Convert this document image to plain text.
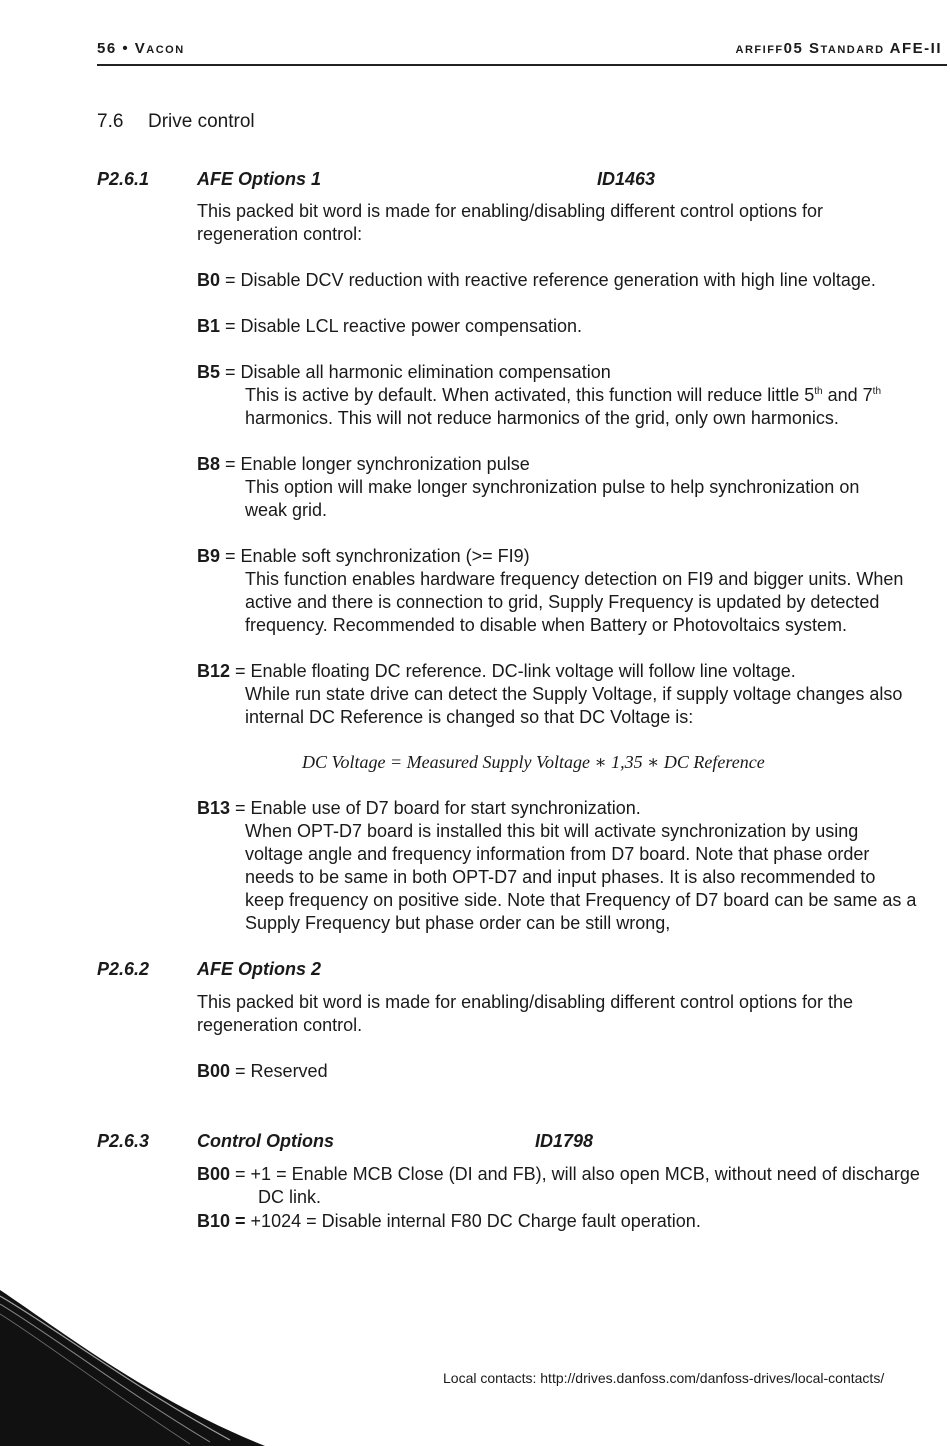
56 • Vacon	arfiff05 Standard AFE-II
7.6 Drive control
P2.6.1	AFE Options 1	ID1463
This packed bit word is made for enabling/disabling different control options for
regeneration control:
B0 = Disable DCV reduction with reactive reference generation with high line voltage.
B1 = Disable LCL reactive power compensation.
B5 = Disable all harmonic elimination compensation
This is active by default. When activated, this function will reduce little 5th and 7th
harmonics. This will not reduce harmonics of the grid, only own harmonics.
B8 = Enable longer synchronization pulse
This option will make longer synchronization pulse to help synchronization on
weak grid.
B9 = Enable soft synchronization (>= FI9)
This function enables hardware frequency detection on FI9 and bigger units. When
active and there is connection to grid, Supply Frequency is updated by detected
frequency. Recommended to disable when Battery or Photovoltaics system.
B12 = Enable floating DC reference. DC-link voltage will follow line voltage.
While run state drive can detect the Supply Voltage, if supply voltage changes also
internal DC Reference is changed so that DC Voltage is:
DC Voltage = Measured Supply Voltage ∗ 1,35 ∗ DC Reference
B13 = Enable use of D7 board for start synchronization.
When OPT-D7 board is installed this bit will activate synchronization by using
voltage angle and frequency information from D7 board. Note that phase order
needs to be same in both OPT-D7 and input phases. It is also recommended to
keep frequency on positive side. Note that Frequency of D7 board can be same as a
Supply Frequency but phase order can be still wrong,
P2.6.2	AFE Options 2
This packed bit word is made for enabling/disabling different control options for the
regeneration control.
B00 = Reserved
P2.6.3	Control Options	ID1798
B00 = +1 = Enable MCB Close (DI and FB), will also open MCB, without need of discharge
DC link.
B10 = +1024 = Disable internal F80 DC Charge fault operation.
Local contacts: http://drives.danfoss.com/danfoss-drives/local-contacts/
